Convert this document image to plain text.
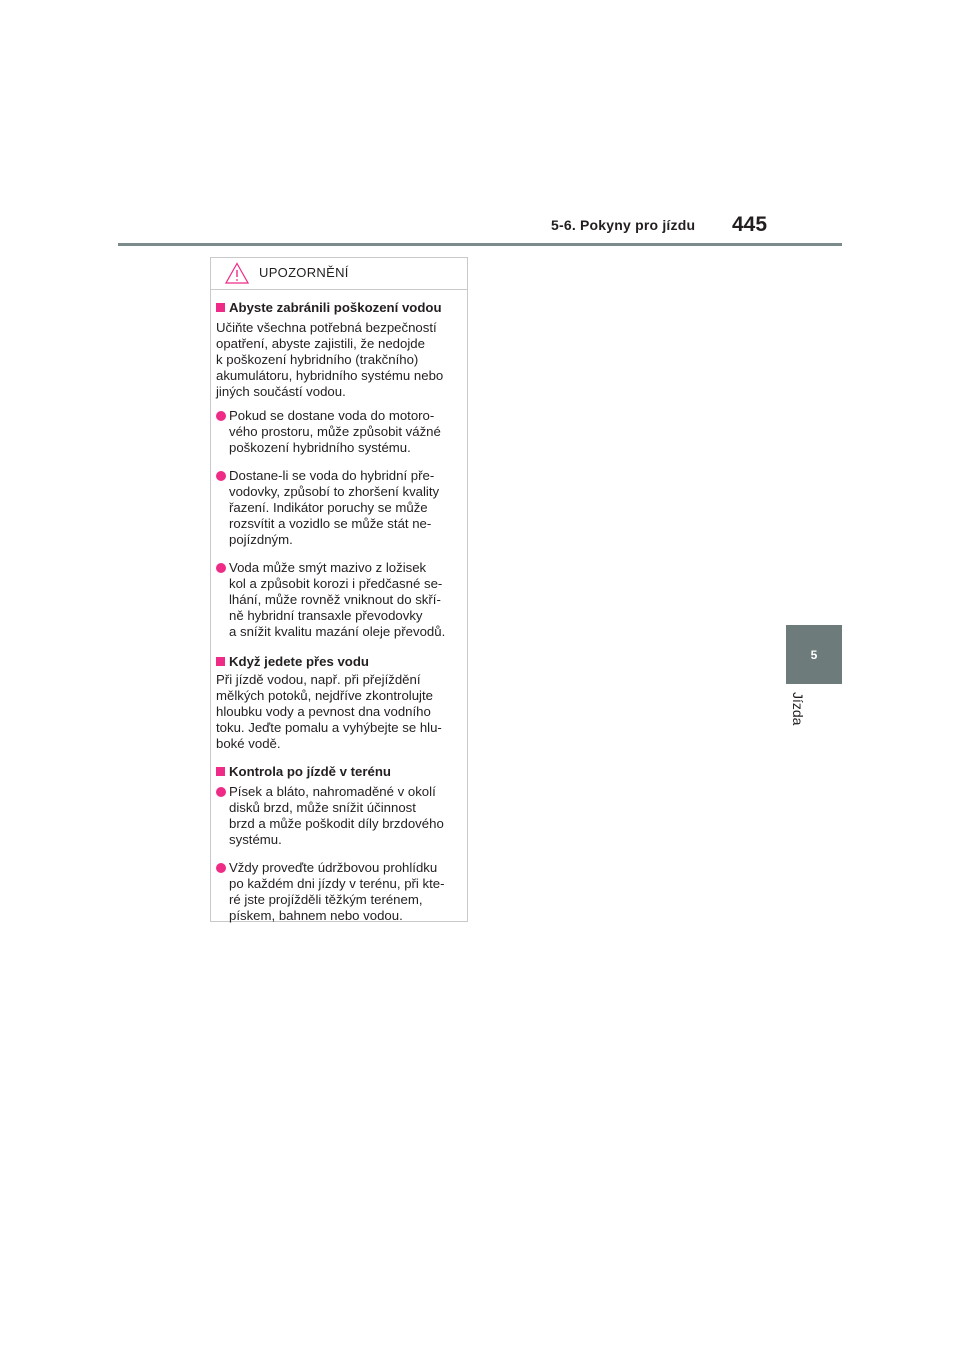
5-6. Pokyny pro jízdu 445
5
Jízda
UPOZORNĚNÍ
Abyste zabránili poškození vodou
Učiňte všechna potřebná bezpečností
opatření, abyste zajistili, že nedojde
k poškození hybridního (trakčního)
akumulátoru, hybridního systému nebo
jiných součástí vodou.
Pokud se dostane voda do motoro-
vého prostoru, může způsobit vážné
poškození hybridního systému.
Dostane-li se voda do hybridní pře-
vodovky, způsobí to zhoršení kvality
řazení. Indikátor poruchy se může
rozsvítit a vozidlo se může stát ne-
pojízdným.
Voda může smýt mazivo z ložisek
kol a způsobit korozi i předčasné se-
lhání, může rovněž vniknout do skří-
ně hybridní transaxle převodovky
a snížit kvalitu mazání oleje převodů.
Když jedete přes vodu
Při jízdě vodou, např. při přejíždění
mělkých potoků, nejdříve zkontrolujte
hloubku vody a pevnost dna vodního
toku. Jeďte pomalu a vyhýbejte se hlu-
boké vodě.
Kontrola po jízdě v terénu
Písek a bláto, nahromaděné v okolí
disků brzd, může snížit účinnost
brzd a může poškodit díly brzdového
systému.
Vždy proveďte údržbovou prohlídku
po každém dni jízdy v terénu, při kte-
ré jste projížděli těžkým terénem,
pískem, bahnem nebo vodou.
